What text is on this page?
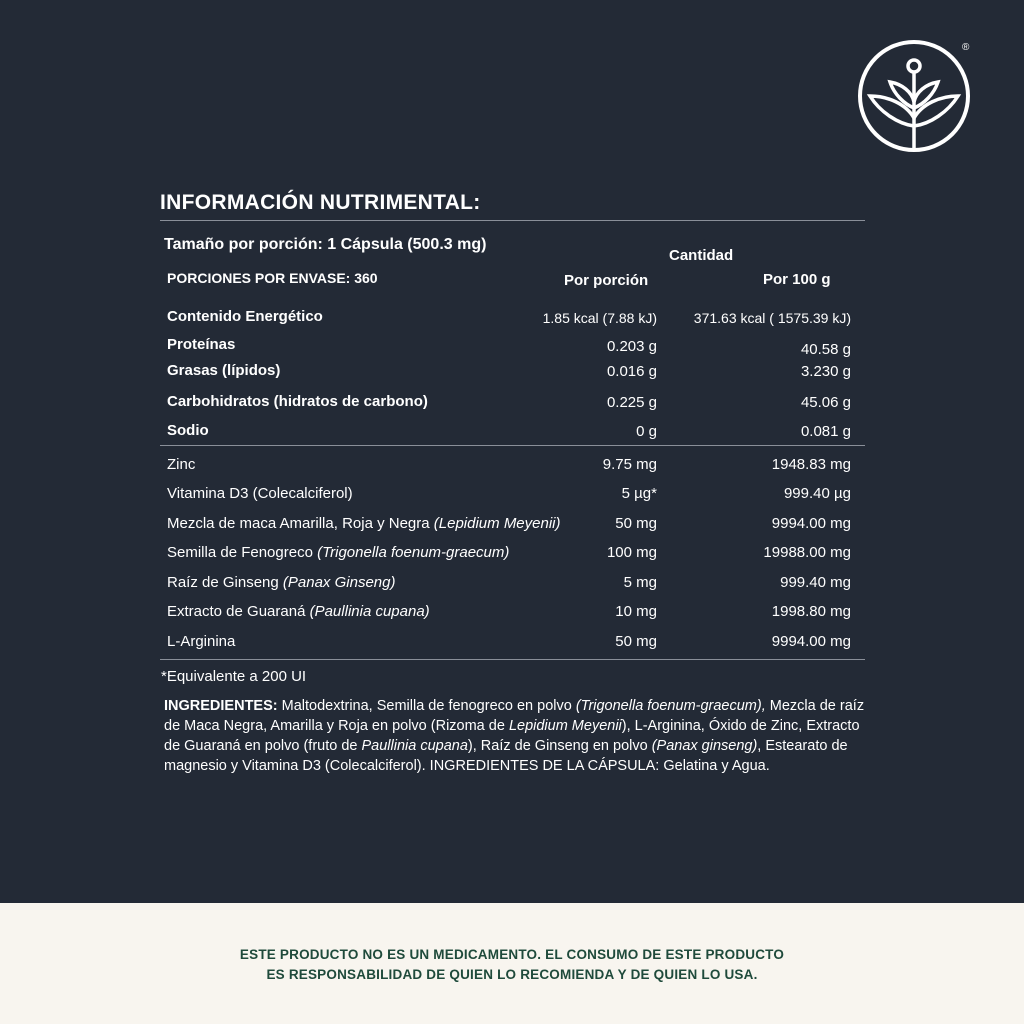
®
INFORMACIÓN NUTRIMENTAL:
Tamaño por porción: 1 Cápsula (500.3 mg)
PORCIONES POR ENVASE: 360
Cantidad
Por porción	Por 100 g
Contenido Energético	1.85 kcal (7.88 kJ)	371.63 kcal ( 1575.39 kJ)
Proteínas	0.203 g	40.58 g
Grasas (lípidos)	0.016 g	3.230 g
Carbohidratos (hidratos de carbono)	0.225 g	45.06 g
Sodio	0 g	0.081 g
Zinc	9.75 mg	1948.83 mg
Vitamina D3 (Colecalciferol)	5 µg*	999.40 µg
Mezcla de maca Amarilla, Roja y Negra (Lepidium Meyenii)	50 mg	9994.00 mg
Semilla de Fenogreco (Trigonella foenum-graecum)	100 mg	19988.00 mg
Raíz de Ginseng (Panax Ginseng)	5 mg	999.40 mg
Extracto de Guaraná (Paullinia cupana)	10 mg	1998.80 mg
L-Arginina	50 mg	9994.00 mg
*Equivalente a 200 UI
INGREDIENTES: Maltodextrina, Semilla de fenogreco en polvo (Trigonella foenum-graecum), Mezcla de raíz de Maca Negra, Amarilla y Roja en polvo (Rizoma de Lepidium Meyenii), L-Arginina, Óxido de Zinc, Extracto de Guaraná en polvo (fruto de Paullinia cupana), Raíz de Ginseng en polvo (Panax ginseng), Estearato de magnesio y Vitamina D3 (Colecalciferol). INGREDIENTES DE LA CÁPSULA: Gelatina y Agua.
ESTE PRODUCTO NO ES UN MEDICAMENTO. EL CONSUMO DE ESTE PRODUCTO
ES RESPONSABILIDAD DE QUIEN LO RECOMIENDA Y DE QUIEN LO USA.
